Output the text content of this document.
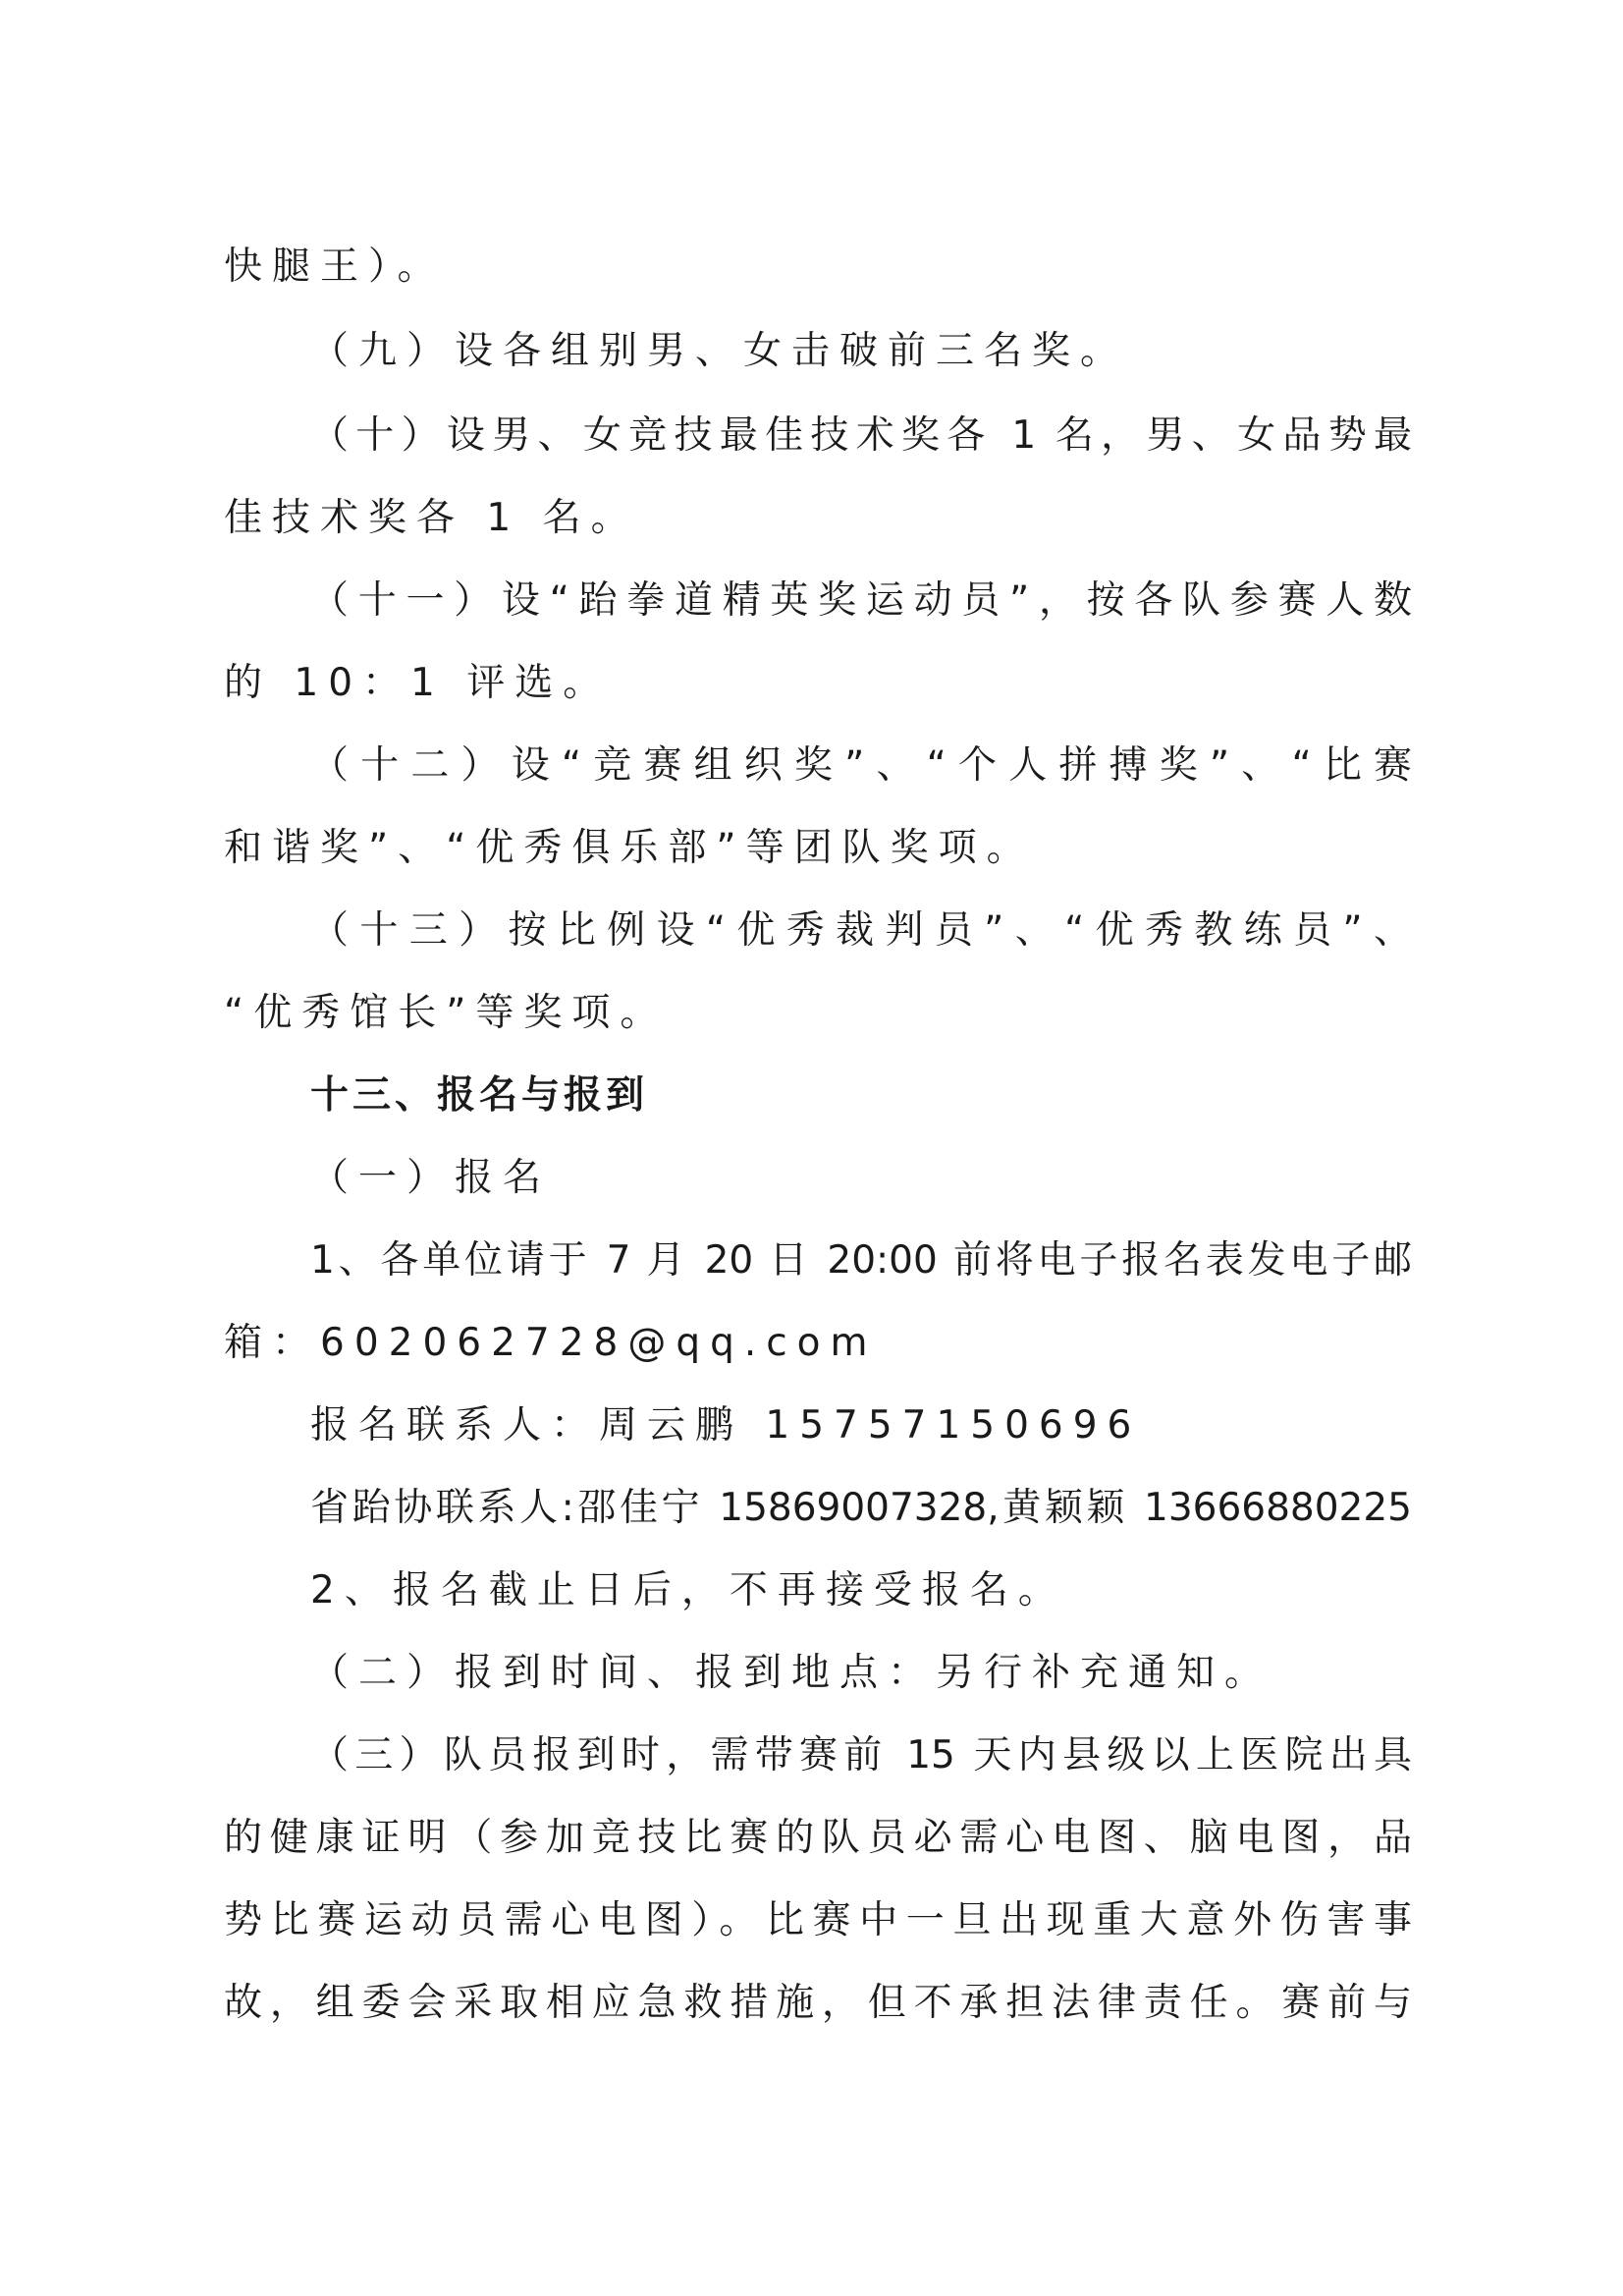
快腿王）。
（九）设各组别男、女击破前三名奖。
（十）设男、女竞技最佳技术奖各 1 名，男、女品势最
佳技术奖各 1 名。
（十一）设“跆拳道精英奖运动员”，按各队参赛人数
的 10：1 评选。
（十二）设“竞赛组织奖”、“个人拼搏奖”、“比赛
和谐奖”、“优秀俱乐部”等团队奖项。
（十三）按比例设“优秀裁判员”、“优秀教练员”、
“优秀馆长”等奖项。
十三、报名与报到
（一）报名
1、各单位请于 7 月 20 日 20:00 前将电子报名表发电子邮
箱：602062728@qq.com
报名联系人：周云鹏 15757150696
省跆协联系人:邵佳宁 15869007328,黄颖颖 13666880225
2、报名截止日后，不再接受报名。
（二）报到时间、报到地点：另行补充通知。
（三）队员报到时，需带赛前 15 天内县级以上医院出具
的健康证明（参加竞技比赛的队员必需心电图、脑电图，品
势比赛运动员需心电图）。比赛中一旦出现重大意外伤害事
故，组委会采取相应急救措施，但不承担法律责任。赛前与
